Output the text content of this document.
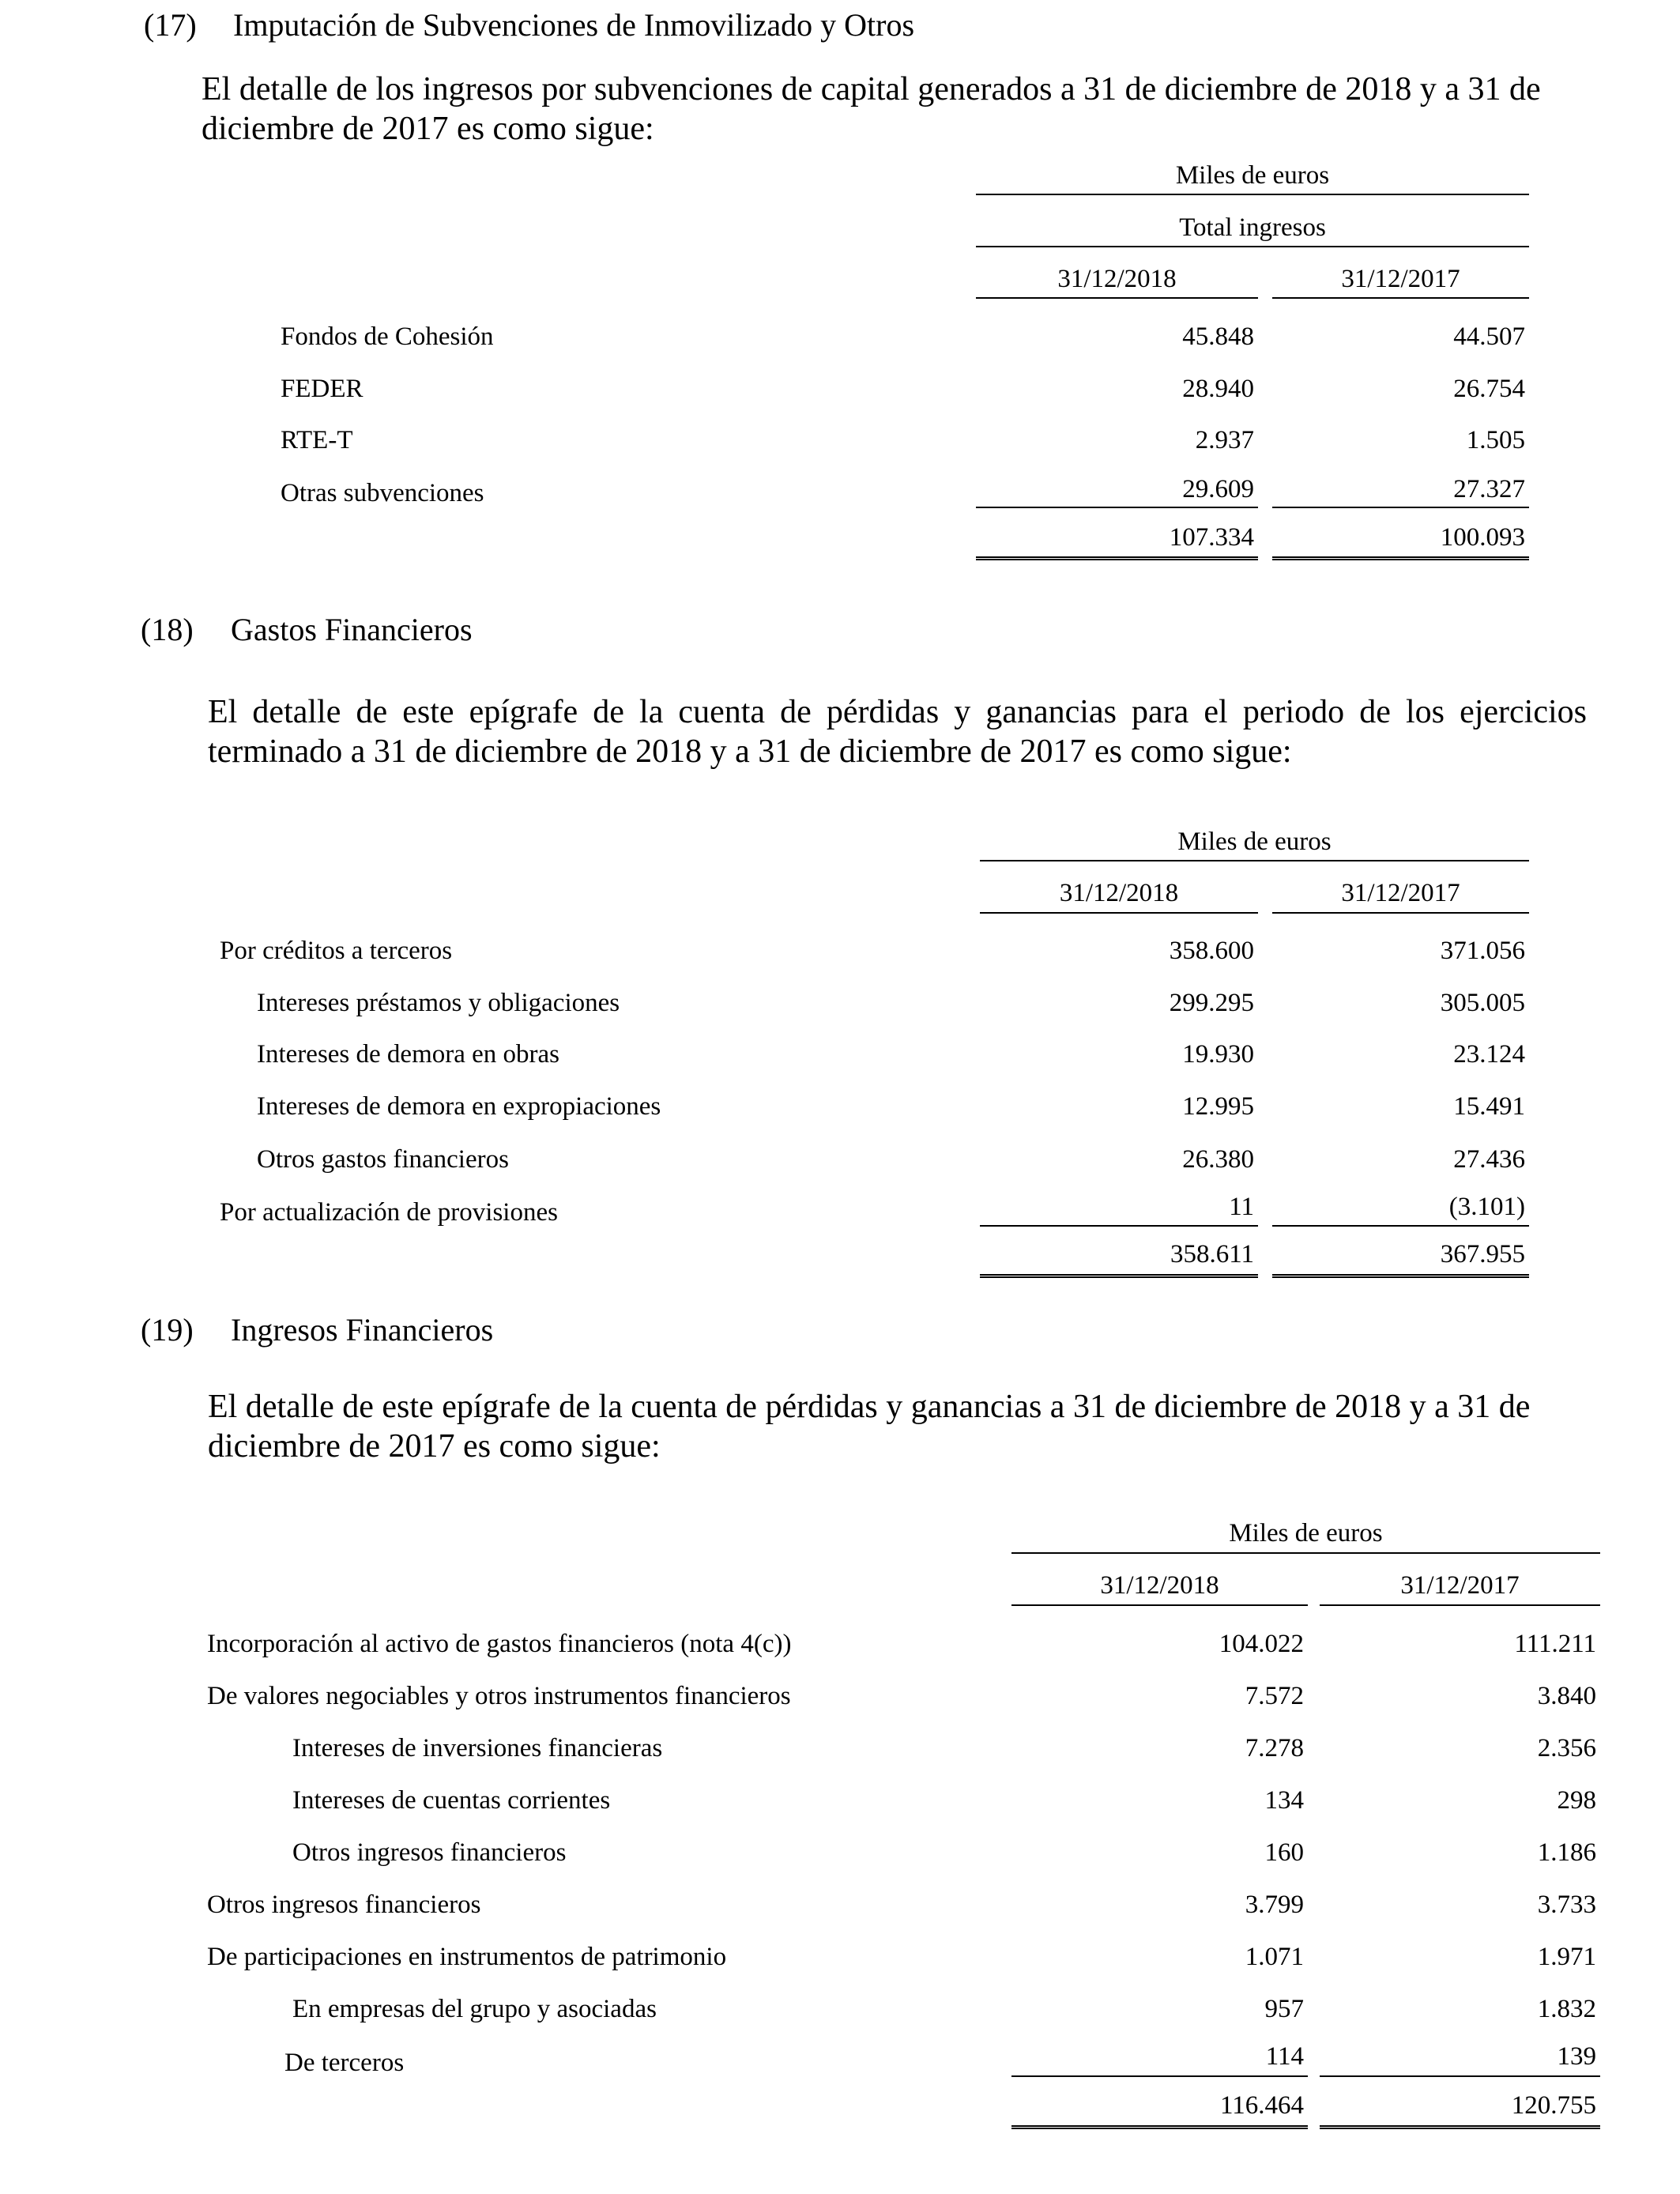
(17) Imputación de Subvenciones de Inmovilizado y Otros
El detalle de los ingresos por subvenciones de capital generados a 31 de diciembre de 2018 y a 31 de diciembre de 2017 es como sigue:
Miles de euros
Total ingresos
31/12/2018	31/12/2017
Fondos de Cohesión	45.848	44.507
FEDER	28.940	26.754
RTE-T	2.937	1.505
Otras subvenciones	29.609	27.327
107.334	100.093
(18) Gastos Financieros
El detalle de este epígrafe de la cuenta de pérdidas y ganancias para el periodo de los ejercicios terminado a 31 de diciembre de 2018 y a 31 de diciembre de 2017 es como sigue:
Miles de euros
31/12/2018	31/12/2017
Por créditos a terceros	358.600	371.056
Intereses préstamos y obligaciones	299.295	305.005
Intereses de demora en obras	19.930	23.124
Intereses de demora en expropiaciones	12.995	15.491
Otros gastos financieros	26.380	27.436
Por actualización de provisiones	11	(3.101)
358.611	367.955
(19) Ingresos Financieros
El detalle de este epígrafe de la cuenta de pérdidas y ganancias a 31 de diciembre de 2018 y a 31 de diciembre de 2017 es como sigue:
Miles de euros
31/12/2018	31/12/2017
Incorporación al activo de gastos financieros (nota 4(c))	104.022	111.211
De valores negociables y otros instrumentos financieros	7.572	3.840
Intereses de inversiones financieras	7.278	2.356
Intereses de cuentas corrientes	134	298
Otros ingresos financieros	160	1.186
Otros ingresos financieros	3.799	3.733
De participaciones en instrumentos de patrimonio	1.071	1.971
En empresas del grupo y asociadas	957	1.832
De terceros	114	139
116.464	120.755
